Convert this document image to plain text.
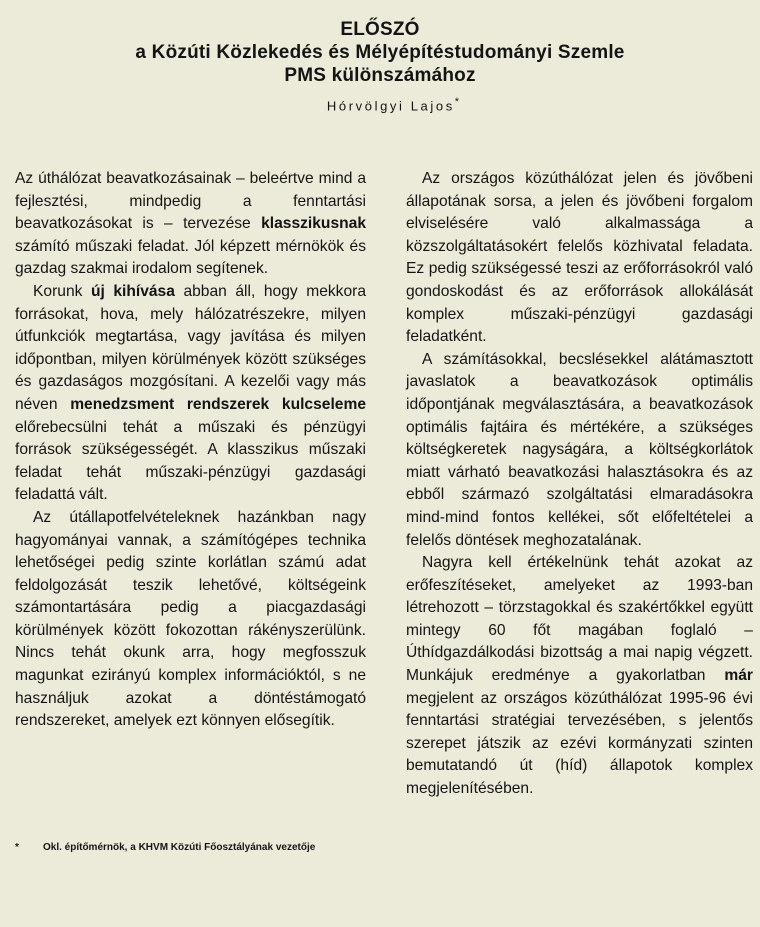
ELŐSZÓ
a Közúti Közlekedés és Mélyépítéstudományi Szemle
PMS különszámához
Hórvölgyi Lajos*

Az úthálózat beavatkozásainak – beleértve mind a fejlesztési, mindpedig a fenntartási beavatkozásokat is – tervezése klasszikusnak számító műszaki feladat. Jól képzett mérnökök és gazdag szakmai irodalom segítenek.

Korunk új kihívása abban áll, hogy mekkora forrásokat, hova, mely hálózatrészekre, milyen útfunkciók megtartása, vagy javítása és milyen időpontban, milyen körülmények között szükséges és gazdaságos mozgósítani. A kezelői vagy más néven menedzsment rendszerek kulcseleme előrebecsülni tehát a műszaki és pénzügyi források szükségességét. A klasszikus műszaki feladat tehát műszaki-pénzügyi gazdasági feladattá vált.

Az útállapotfelvételeknek hazánkban nagy hagyományai vannak, a számítógépes technika lehetőségei pedig szinte korlátlan számú adat feldolgozását teszik lehetővé, költségeink számontartására pedig a piacgazdasági körülmények között fokozottan rákényszerülünk. Nincs tehát okunk arra, hogy megfosszuk magunkat ezirányú komplex információktól, s ne használjuk azokat a döntéstámogató rendszereket, amelyek ezt könnyen elősegítik.

Az országos közúthálózat jelen és jövőbeni állapotának sorsa, a jelen és jövőbeni forgalom elviselésére való alkalmassága a közszolgáltatásokért felelős közhivatal feladata. Ez pedig szükségessé teszi az erőforrásokról való gondoskodást és az erőforrások allokálását komplex műszaki-pénzügyi gazdasági feladatként.

A számításokkal, becslésekkel alátámasztott javaslatok a beavatkozások optimális időpontjának megválasztására, a beavatkozások optimális fajtáira és mértékére, a szükséges költségkeretek nagyságára, a költségkorlátok miatt várható beavatkozási halasztásokra és az ebből származó szolgáltatási elmaradásokra mind-mind fontos kellékei, sőt előfeltételei a felelős döntések meghozatalának.

Nagyra kell értékelnünk tehát azokat az erőfeszítéseket, amelyeket az 1993-ban létrehozott – törzstagokkal és szakértőkkel együtt mintegy 60 főt magában foglaló – Úthídgazdálkodási bizottság a mai napig végzett. Munkájuk eredménye a gyakorlatban már megjelent az országos közúthálózat 1995-96 évi fenntartási stratégiai tervezésében, s jelentős szerepet játszik az ezévi kormányzati szinten bemutatandó út (híd) állapotok komplex megjelenítésében.

* Okl. építőmérnök, a KHVM Közúti Főosztályának vezetője
